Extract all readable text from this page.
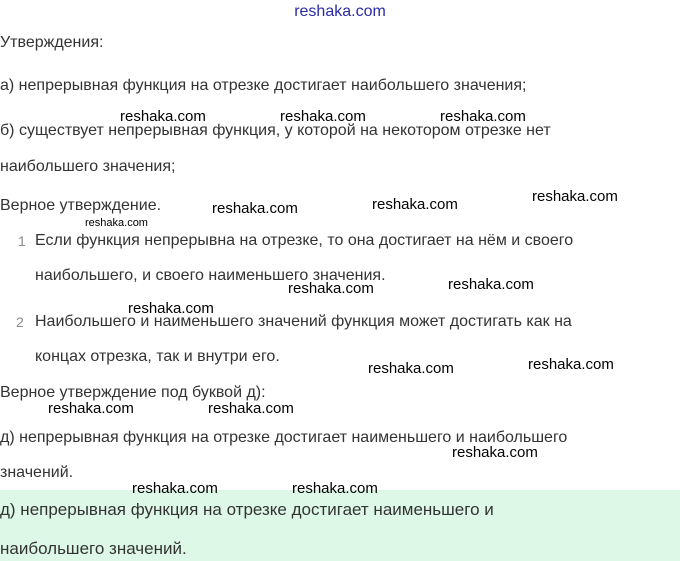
reshaka.com
Утверждения:
а) непрерывная функция на отрезке достигает наибольшего значения;
б) существует непрерывная функция, у которой на некотором отрезке нет
наибольшего значения;
Верное утверждение.
1 Если функция непрерывна на отрезке, то она достигает на нём и своего
наибольшего, и своего наименьшего значения.
2 Наибольшего и наименьшего значений функция может достигать как на
концах отрезка, так и внутри его.
Верное утверждение под буквой д):
д) непрерывная функция на отрезке достигает наименьшего и наибольшего
значений.
д) непрерывная функция на отрезке достигает наименьшего и
наибольшего значений.
reshaka.com	reshaka.com	reshaka.com
reshaka.com
reshaka.com
reshaka.com
reshaka.com
reshaka.com
reshaka.com
reshaka.com
reshaka.com
reshaka.com
reshaka.com	reshaka.com
reshaka.com
reshaka.com	reshaka.com
